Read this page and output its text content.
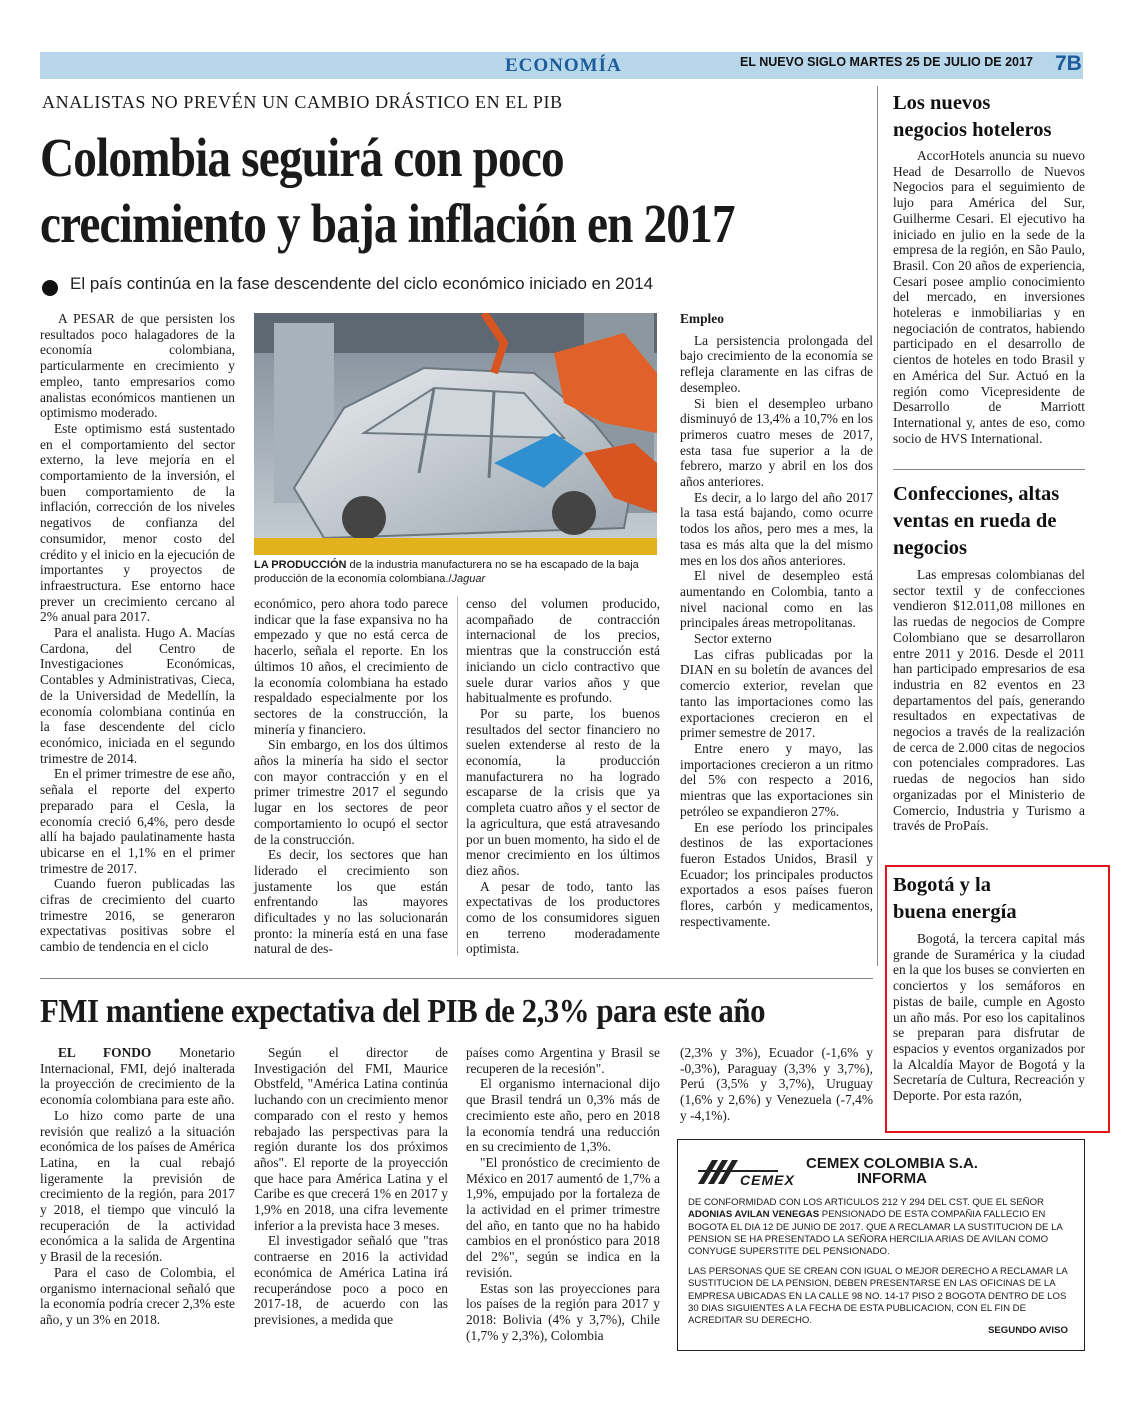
ECONOMÍA	EL NUEVO SIGLO MARTES 25 DE JULIO DE 2017 7B
ANALISTAS NO PREVÉN UN CAMBIO DRÁSTICO EN EL PIB
Colombia seguirá con poco
crecimiento y baja inflación en 2017
El país continúa en la fase descendente del ciclo económico iniciado en 2014

A PESAR de que persisten los resultados poco halagadores de la economía colombiana, particularmente en crecimiento y empleo, tanto empresarios como analistas económicos mantienen un optimismo moderado.

Este optimismo está sustentado en el comportamiento del sector externo, la leve mejoría en el comportamiento de la inversión, el buen comportamiento de la inflación, corrección de los niveles negativos de confianza del consumidor, menor costo del crédito y el inicio en la ejecución de importantes y proyectos de infraestructura. Ese entorno hace prever un crecimiento cercano al 2% anual para 2017.

Para el analista. Hugo A. Macías Cardona, del Centro de Investigaciones Económicas, Contables y Administrativas, Cieca, de la Universidad de Medellín, la economía colombiana continúa en la fase descendente del ciclo económico, iniciada en el segundo trimestre de 2014.

En el primer trimestre de ese año, señala el reporte del experto preparado para el Cesla, la economía creció 6,4%, pero desde allí ha bajado paulatinamente hasta ubicarse en el 1,1% en el primer trimestre de 2017.

Cuando fueron publicadas las cifras de crecimiento del cuarto trimestre 2016, se generaron expectativas positivas sobre el cambio de tendencia en el ciclo

LA PRODUCCIÓN de la industria manufacturera no se ha escapado de la baja producción de la economía colombiana./Jaguar

económico, pero ahora todo parece indicar que la fase expansiva no ha empezado y que no está cerca de hacerlo, señala el reporte. En los últimos 10 años, el crecimiento de la economía colombiana ha estado respaldado especialmente por los sectores de la construcción, la minería y financiero.

Sin embargo, en los dos últimos años la minería ha sido el sector con mayor contracción y en el primer trimestre 2017 el segundo lugar en los sectores de peor comportamiento lo ocupó el sector de la construcción.

Es decir, los sectores que han liderado el crecimiento son justamente los que están enfrentando las mayores dificultades y no las solucionarán pronto: la minería está en una fase natural de des-

censo del volumen producido, acompañado de contracción internacional de los precios, mientras que la construcción está iniciando un ciclo contractivo que suele durar varios años y que habitualmente es profundo.

Por su parte, los buenos resultados del sector financiero no suelen extenderse al resto de la economía, la producción manufacturera no ha logrado escaparse de la crisis que ya completa cuatro años y el sector de la agricultura, que está atravesando por un buen momento, ha sido el de menor crecimiento en los últimos diez años.

A pesar de todo, tanto las expectativas de los productores como de los consumidores siguen en terreno moderadamente optimista.

Empleo

La persistencia prolongada del bajo crecimiento de la economía se refleja claramente en las cifras de desempleo.

Si bien el desempleo urbano disminuyó de 13,4% a 10,7% en los primeros cuatro meses de 2017, esta tasa fue superior a la de febrero, marzo y abril en los dos años anteriores.

Es decir, a lo largo del año 2017 la tasa está bajando, como ocurre todos los años, pero mes a mes, la tasa es más alta que la del mismo mes en los dos años anteriores.

El nivel de desempleo está aumentando en Colombia, tanto a nivel nacional como en las principales áreas metropolitanas.

Sector externo

Las cifras publicadas por la DIAN en su boletín de avances del comercio exterior, revelan que tanto las importaciones como las exportaciones crecieron en el primer semestre de 2017.

Entre enero y mayo, las importaciones crecieron a un ritmo del 5% con respecto a 2016, mientras que las exportaciones sin petróleo se expandieron 27%.

En ese período los principales destinos de las exportaciones fueron Estados Unidos, Brasil y Ecuador; los principales productos exportados a esos países fueron flores, carbón y medicamentos, respectivamente.

Los nuevos
negocios hoteleros

AccorHotels anuncia su nuevo Head de Desarrollo de Nuevos Negocios para el seguimiento de lujo para América del Sur, Guilherme Cesari. El ejecutivo ha iniciado en julio en la sede de la empresa de la región, en São Paulo, Brasil. Con 20 años de experiencia, Cesari posee amplio conocimiento del mercado, en inversiones hoteleras e inmobiliarias y en negociación de contratos, habiendo participado en el desarrollo de cientos de hoteles en todo Brasil y en América del Sur. Actuó en la región como Vicepresidente de Desarrollo de Marriott International y, antes de eso, como socio de HVS International.

Confecciones, altas
ventas en rueda de
negocios

Las empresas colombianas del sector textil y de confecciones vendieron $12.011,08 millones en las ruedas de negocios de Compre Colombiano que se desarrollaron entre 2011 y 2016. Desde el 2011 han participado empresarios de esa industria en 82 eventos en 23 departamentos del país, generando resultados en expectativas de negocios a través de la realización de cerca de 2.000 citas de negocios con potenciales compradores. Las ruedas de negocios han sido organizadas por el Ministerio de Comercio, Industria y Turismo a través de ProPaís.

Bogotá y la
buena energía

Bogotá, la tercera capital más grande de Suramérica y la ciudad en la que los buses se convierten en conciertos y los semáforos en pistas de baile, cumple en Agosto un año más. Por eso los capitalinos se preparan para disfrutar de espacios y eventos organizados por la Alcaldía Mayor de Bogotá y la Secretaría de Cultura, Recreación y Deporte. Por esta razón,

FMI mantiene expectativa del PIB de 2,3% para este año

EL FONDO Monetario Internacional, FMI, dejó inalterada la proyección de crecimiento de la economía colombiana para este año.

Lo hizo como parte de una revisión que realizó a la situación económica de los países de América Latina, en la cual rebajó ligeramente la previsión de crecimiento de la región, para 2017 y 2018, el tiempo que vinculó la recuperación de la actividad económica a la salida de Argentina y Brasil de la recesión.

Para el caso de Colombia, el organismo internacional señaló que la economía podría crecer 2,3% este año, y un 3% en 2018.

Según el director de Investigación del FMI, Maurice Obstfeld, "América Latina continúa luchando con un crecimiento menor comparado con el resto y hemos rebajado las perspectivas para la región durante los dos próximos años". El reporte de la proyección que hace para América Latina y el Caribe es que crecerá 1% en 2017 y 1,9% en 2018, una cifra levemente inferior a la prevista hace 3 meses.

El investigador señaló que "tras contraerse en 2016 la actividad económica de América Latina irá recuperándose poco a poco en 2017-18, de acuerdo con las previsiones, a medida que

países como Argentina y Brasil se recuperen de la recesión".

El organismo internacional dijo que Brasil tendrá un 0,3% más de crecimiento este año, pero en 2018 la economía tendrá una reducción en su crecimiento de 1,3%.

"El pronóstico de crecimiento de México en 2017 aumentó de 1,7% a 1,9%, empujado por la fortaleza de la actividad en el primer trimestre del año, en tanto que no ha habido cambios en el pronóstico para 2018 del 2%", según se indica en la revisión.

Estas son las proyecciones para los países de la región para 2017 y 2018: Bolivia (4% y 3,7%), Chile (1,7% y 2,3%), Colombia

(2,3% y 3%), Ecuador (-1,6% y -0,3%), Paraguay (3,3% y 3,7%), Perú (3,5% y 3,7%), Uruguay (1,6% y 2,6%) y Venezuela (-7,4% y -4,1%).

CEMEX
CEMEX COLOMBIA S.A.
INFORMA
DE CONFORMIDAD CON LOS ARTICULOS 212 Y 294 DEL CST. QUE EL SEÑOR ADONIAS AVILAN VENEGAS PENSIONADO DE ESTA COMPAÑIA FALLECIO EN BOGOTA EL DIA 12 DE JUNIO DE 2017. QUE A RECLAMAR LA SUSTITUCION DE LA PENSION SE HA PRESENTADO LA SEÑORA HERCILIA ARIAS DE AVILAN COMO CONYUGE SUPERSTITE DEL PENSIONADO.
LAS PERSONAS QUE SE CREAN CON IGUAL O MEJOR DERECHO A RECLAMAR LA SUSTITUCION DE LA PENSION, DEBEN PRESENTARSE EN LAS OFICINAS DE LA EMPRESA UBICADAS EN LA CALLE 98 NO. 14-17 PISO 2 BOGOTA DENTRO DE LOS 30 DIAS SIGUIENTES A LA FECHA DE ESTA PUBLICACION, CON EL FIN DE ACREDITAR SU DERECHO.
SEGUNDO AVISO
